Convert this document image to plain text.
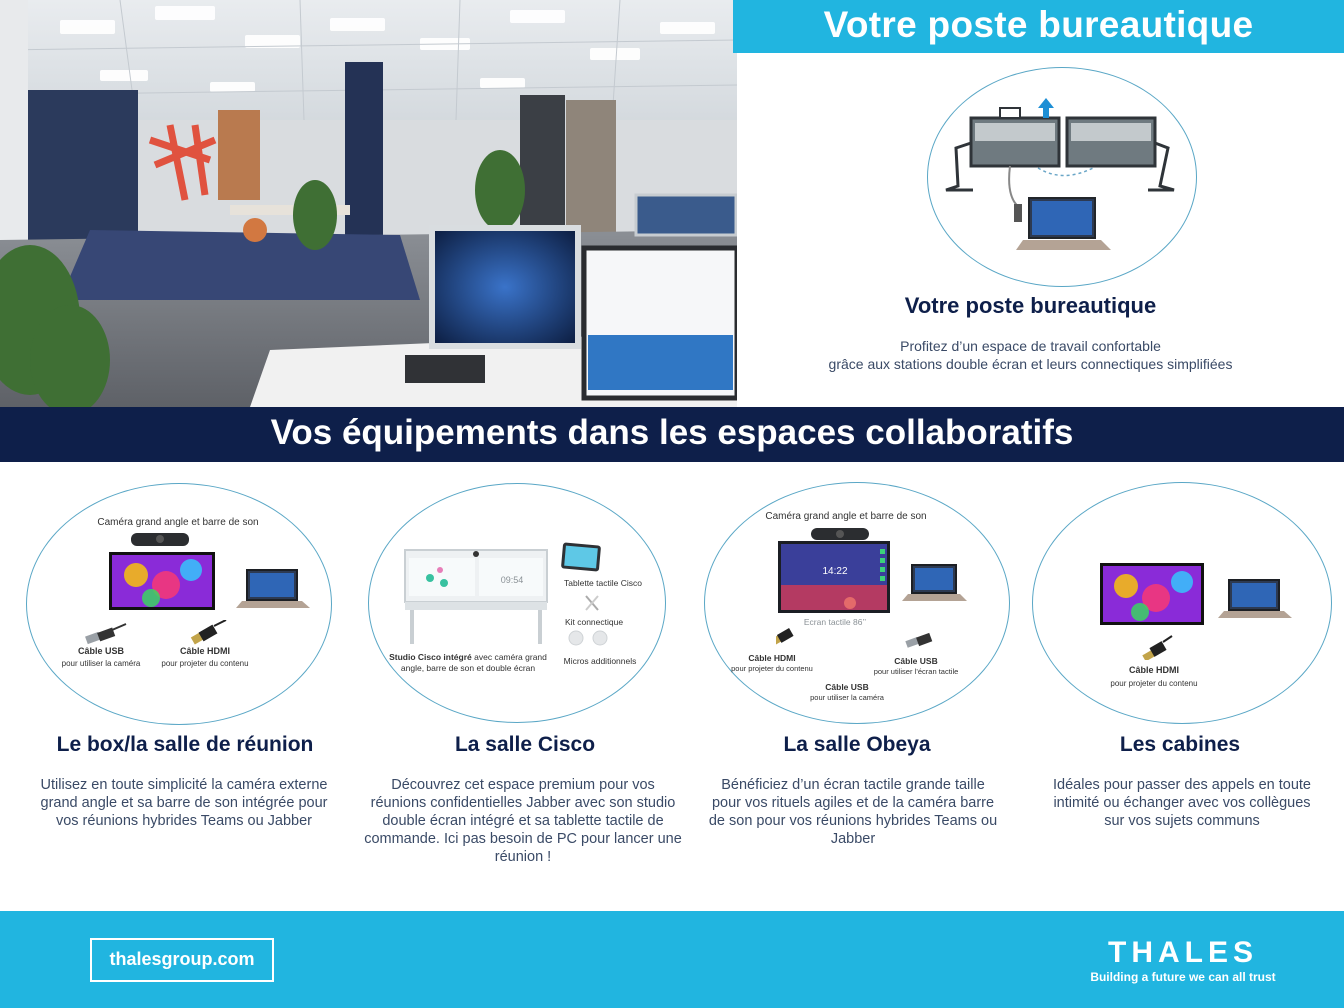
Votre poste bureautique
Votre poste bureautique
Profitez d’un espace de travail confortable
grâce aux stations double écran et leurs connectiques simplifiées
Vos équipements dans les espaces collaboratifs
Caméra grand angle et barre de son
Câble USB
pour utiliser la caméra
Câble HDMI
pour projeter du contenu
09:54	Tablette tactile Cisco
Kit connectique
Micros additionnels
Studio Cisco intégré avec caméra grand
angle, barre de son et double écran
Caméra grand angle et barre de son
14:22
Ecran tactile 86’’
Câble HDMI
pour projeter du contenu
Câble USB
pour utiliser l’écran tactile
Câble USB
pour utiliser la caméra
Câble HDMI
pour projeter du contenu
Le box/la salle de réunion
Utilisez en toute simplicité la caméra externe grand angle et sa barre de son intégrée pour vos réunions hybrides Teams ou Jabber
La salle Cisco
Découvrez cet espace premium pour vos réunions confidentielles Jabber avec son studio double écran intégré et sa tablette tactile de commande. Ici pas besoin de PC pour lancer une réunion !
La salle Obeya
Bénéficiez d’un écran tactile grande taille pour vos rituels agiles et de la caméra barre de son pour vos réunions hybrides Teams ou Jabber
Les cabines
Idéales pour passer des appels en toute intimité ou échanger avec vos collègues sur vos sujets communs
thalesgroup.com	THALES
Building a future we can all trust
